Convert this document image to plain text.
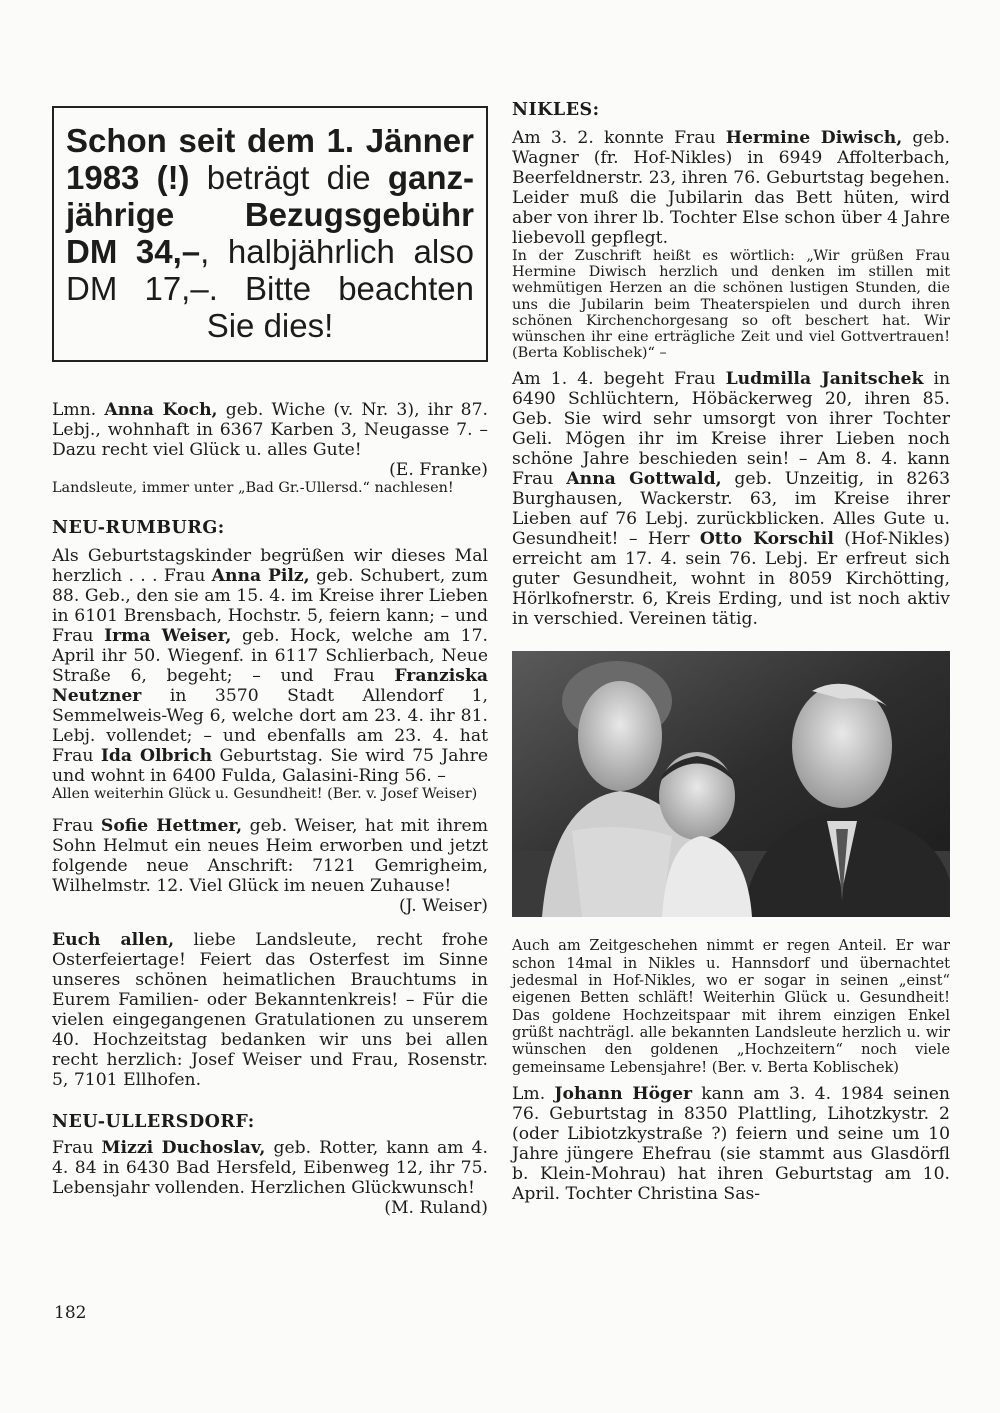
Schon seit dem 1. Jänner
1983 (!) beträgt die ganz-
jährige Bezugsgebühr
DM 34,–, halbjährlich also
DM 17,–. Bitte beachten
Sie dies!

Lmn. Anna Koch, geb. Wiche (v. Nr. 3), ihr 87. Lebj., wohnhaft in 6367 Karben 3, Neugasse 7. – Dazu recht viel Glück u. alles Gute!
(E. Franke)

Landsleute, immer unter „Bad Gr.-Ullersd.“ nachlesen!

NEU-RUMBURG:

Als Geburtstagskinder begrüßen wir dieses Mal herzlich . . . Frau Anna Pilz, geb. Schubert, zum 88. Geb., den sie am 15. 4. im Kreise ihrer Lieben in 6101 Brensbach, Hochstr. 5, feiern kann; – und Frau Irma Weiser, geb. Hock, welche am 17. April ihr 50. Wiegenf. in 6117 Schlierbach, Neue Straße 6, begeht; – und Frau Franziska Neutzner in 3570 Stadt Allendorf 1, Semmelweis-Weg 6, welche dort am 23. 4. ihr 81. Lebj. vollendet; – und ebenfalls am 23. 4. hat Frau Ida Olbrich Geburtstag. Sie wird 75 Jahre und wohnt in 6400 Fulda, Galasini-Ring 56. –

Allen weiterhin Glück u. Gesundheit! (Ber. v. Josef Weiser)

Frau Sofie Hettmer, geb. Weiser, hat mit ihrem Sohn Helmut ein neues Heim erworben und jetzt folgende neue Anschrift: 7121 Gemrigheim, Wilhelmstr. 12. Viel Glück im neuen Zuhause!
(J. Weiser)

Euch allen, liebe Landsleute, recht frohe Osterfeiertage! Feiert das Osterfest im Sinne unseres schönen heimatlichen Brauchtums in Eurem Familien- oder Bekanntenkreis! – Für die vielen eingegangenen Gratulationen zu unserem 40. Hochzeitstag bedanken wir uns bei allen recht herzlich: Josef Weiser und Frau, Rosenstr. 5, 7101 Ellhofen.

NEU-ULLERSDORF:

Frau Mizzi Duchoslav, geb. Rotter, kann am 4. 4. 84 in 6430 Bad Hersfeld, Eibenweg 12, ihr 75. Lebensjahr vollenden. Herzlichen Glückwunsch!
(M. Ruland)

NIKLES:

Am 3. 2. konnte Frau Hermine Diwisch, geb. Wagner (fr. Hof-Nikles) in 6949 Affolterbach, Beerfeldnerstr. 23, ihren 76. Geburtstag begehen. Leider muß die Jubilarin das Bett hüten, wird aber von ihrer lb. Tochter Else schon über 4 Jahre liebevoll gepflegt.

In der Zuschrift heißt es wörtlich: „Wir grüßen Frau Hermine Diwisch herzlich und denken im stillen mit wehmütigen Herzen an die schönen lustigen Stunden, die uns die Jubilarin beim Theaterspielen und durch ihren schönen Kirchenchorgesang so oft beschert hat. Wir wünschen ihr eine erträgliche Zeit und viel Gottvertrauen! (Berta Koblischek)“ –

Am 1. 4. begeht Frau Ludmilla Janitschek in 6490 Schlüchtern, Höbäckerweg 20, ihren 85. Geb. Sie wird sehr umsorgt von ihrer Tochter Geli. Mögen ihr im Kreise ihrer Lieben noch schöne Jahre beschieden sein! – Am 8. 4. kann Frau Anna Gottwald, geb. Unzeitig, in 8263 Burghausen, Wackerstr. 63, im Kreise ihrer Lieben auf 76 Lebj. zurückblicken. Alles Gute u. Gesundheit! – Herr Otto Korschil (Hof-Nikles) erreicht am 17. 4. sein 76. Lebj. Er erfreut sich guter Gesundheit, wohnt in 8059 Kirchötting, Hörlkofnerstr. 6, Kreis Erding, und ist noch aktiv in verschied. Vereinen tätig.

Auch am Zeitgeschehen nimmt er regen Anteil. Er war schon 14mal in Nikles u. Hannsdorf und übernachtet jedesmal in Hof-Nikles, wo er sogar in seinen „einst“ eigenen Betten schläft! Weiterhin Glück u. Gesundheit! Das goldene Hochzeitspaar mit ihrem einzigen Enkel grüßt nachträgl. alle bekannten Landsleute herzlich u. wir wünschen den goldenen „Hochzeitern“ noch viele gemeinsame Lebensjahre! (Ber. v. Berta Koblischek)

Lm. Johann Höger kann am 3. 4. 1984 seinen 76. Geburtstag in 8350 Plattling, Lihotzkystr. 2 (oder Libiotzkystraße ?) feiern und seine um 10 Jahre jüngere Ehefrau (sie stammt aus Glasdörfl b. Klein-Mohrau) hat ihren Geburtstag am 10. April. Tochter Christina Sas-

182
